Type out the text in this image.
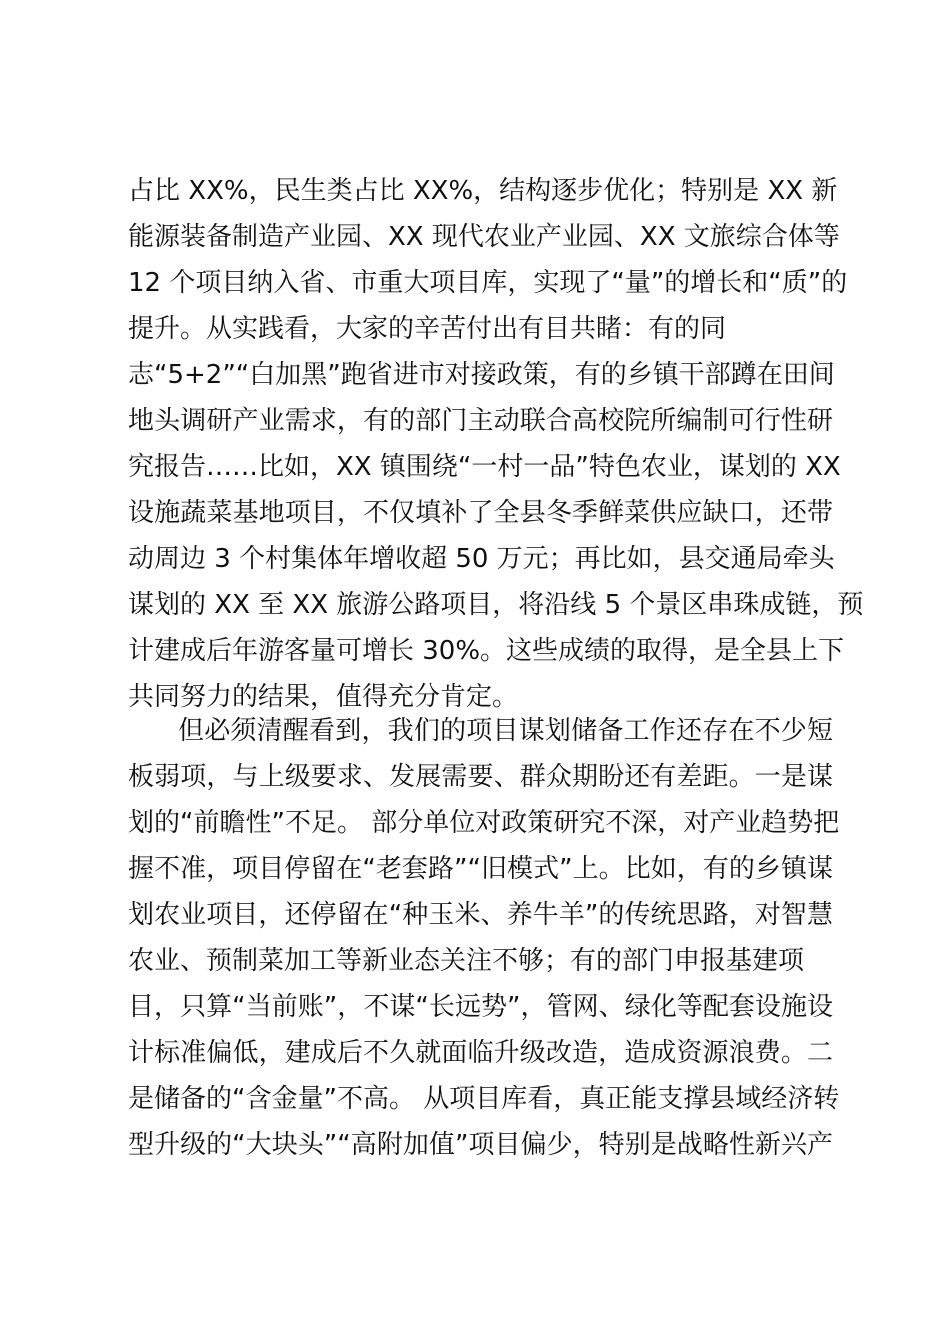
占比 XX%，民生类占比 XX%，结构逐步优化；特别是 XX 新
能源装备制造产业园、XX 现代农业产业园、XX 文旅综合体等
12 个项目纳入省、市重大项目库，实现了“量”的增长和“质”的
提升。从实践看，大家的辛苦付出有目共睹：有的同
志“5+2”“白加黑”跑省进市对接政策，有的乡镇干部蹲在田间
地头调研产业需求，有的部门主动联合高校院所编制可行性研
究报告……比如，XX 镇围绕“一村一品”特色农业，谋划的 XX
设施蔬菜基地项目，不仅填补了全县冬季鲜菜供应缺口，还带
动周边 3 个村集体年增收超 50 万元；再比如，县交通局牵头
谋划的 XX 至 XX 旅游公路项目，将沿线 5 个景区串珠成链，预
计建成后年游客量可增长 30%。这些成绩的取得，是全县上下
共同努力的结果，值得充分肯定。
但必须清醒看到，我们的项目谋划储备工作还存在不少短
板弱项，与上级要求、发展需要、群众期盼还有差距。一是谋
划的“前瞻性”不足。 部分单位对政策研究不深，对产业趋势把
握不准，项目停留在“老套路”“旧模式”上。比如，有的乡镇谋
划农业项目，还停留在“种玉米、养牛羊”的传统思路，对智慧
农业、预制菜加工等新业态关注不够；有的部门申报基建项
目，只算“当前账”，不谋“长远势”，管网、绿化等配套设施设
计标准偏低，建成后不久就面临升级改造，造成资源浪费。二
是储备的“含金量”不高。 从项目库看，真正能支撑县域经济转
型升级的“大块头”“高附加值”项目偏少，特别是战略性新兴产
